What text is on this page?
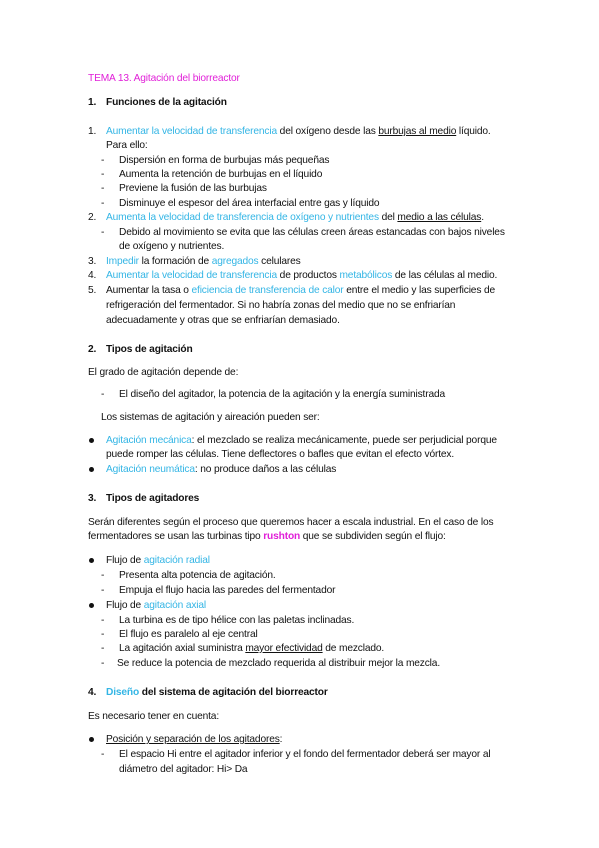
TEMA 13. Agitación del biorreactor
1. Funciones de la agitación
1. Aumentar la velocidad de transferencia del oxígeno desde las burbujas al medio líquido.
Para ello:
- Dispersión en forma de burbujas más pequeñas
- Aumenta la retención de burbujas en el líquido
- Previene la fusión de las burbujas
- Disminuye el espesor del área interfacial entre gas y líquido
2. Aumenta la velocidad de transferencia de oxígeno y nutrientes del medio a las células.
- Debido al movimiento se evita que las células creen áreas estancadas con bajos niveles
de oxígeno y nutrientes.
3. Impedir la formación de agregados celulares
4. Aumentar la velocidad de transferencia de productos metabólicos de las células al medio.
5. Aumentar la tasa o eficiencia de transferencia de calor entre el medio y las superficies de
refrigeración del fermentador. Si no habría zonas del medio que no se enfriarían
adecuadamente y otras que se enfriarían demasiado.
2. Tipos de agitación
El grado de agitación depende de:
- El diseño del agitador, la potencia de la agitación y la energía suministrada
Los sistemas de agitación y aireación pueden ser:
Agitación mecánica: el mezclado se realiza mecánicamente, puede ser perjudicial porque
puede romper las células. Tiene deflectores o bafles que evitan el efecto vórtex.
Agitación neumática: no produce daños a las células
3. Tipos de agitadores
Serán diferentes según el proceso que queremos hacer a escala industrial. En el caso de los
fermentadores se usan las turbinas tipo rushton que se subdividen según el flujo:
Flujo de agitación radial
- Presenta alta potencia de agitación.
- Empuja el flujo hacia las paredes del fermentador
Flujo de agitación axial
- La turbina es de tipo hélice con las paletas inclinadas.
- El flujo es paralelo al eje central
- La agitación axial suministra mayor efectividad de mezclado.
- Se reduce la potencia de mezclado requerida al distribuir mejor la mezcla.
4. Diseño del sistema de agitación del biorreactor
Es necesario tener en cuenta:
Posición y separación de los agitadores:
- El espacio Hi entre el agitador inferior y el fondo del fermentador deberá ser mayor al
diámetro del agitador: Hi> Da
